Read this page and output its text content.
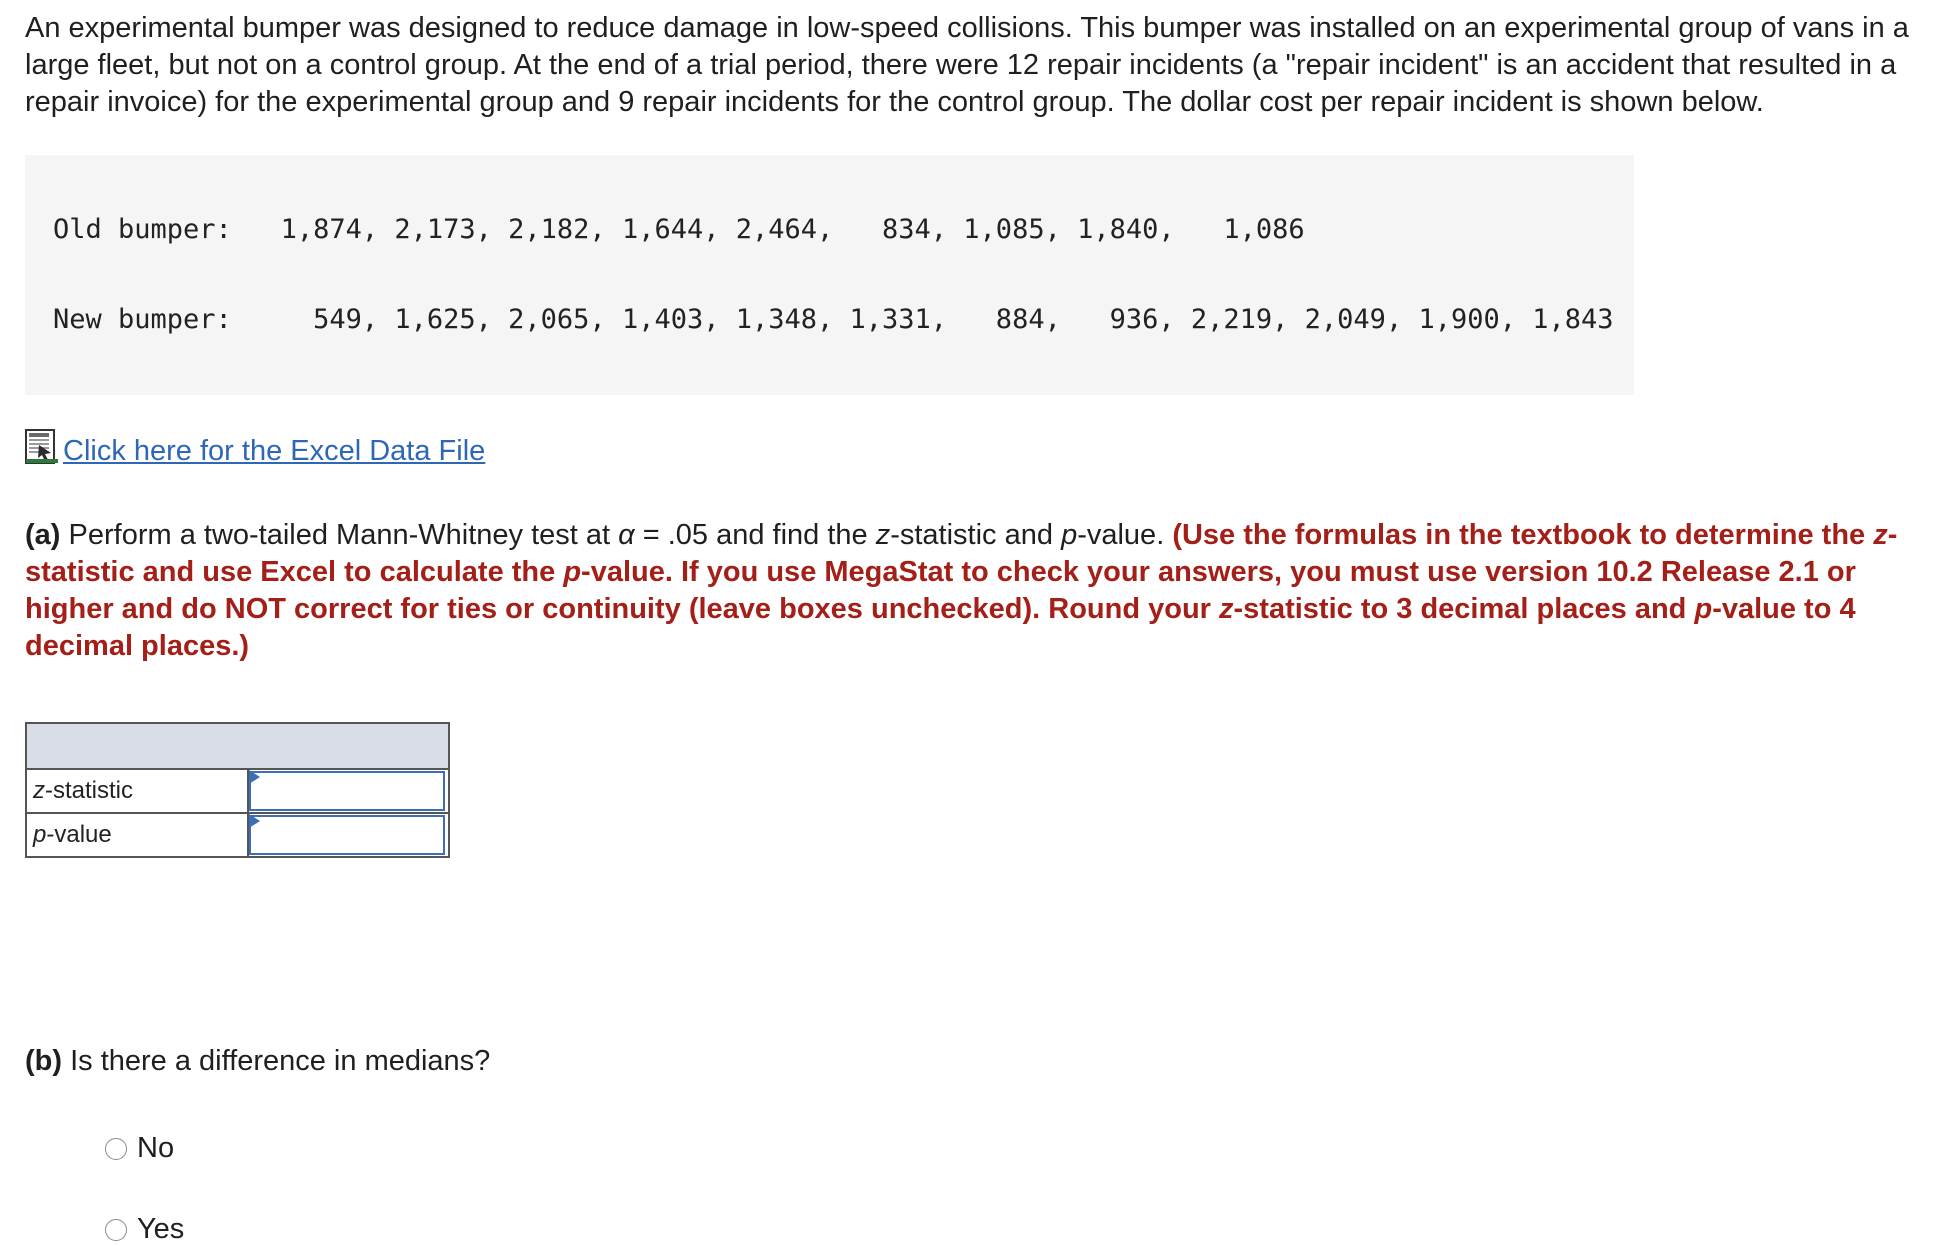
An experimental bumper was designed to reduce damage in low-speed collisions. This bumper was installed on an experimental group of vans in a large fleet, but not on a control group. At the end of a trial period, there were 12 repair incidents (a "repair incident" is an accident that resulted in a repair invoice) for the experimental group and 9 repair incidents for the control group. The dollar cost per repair incident is shown below.

Old bumper:   1,874, 2,173, 2,182, 1,644, 2,464,   834, 1,085, 1,840,   1,086

New bumper:     549, 1,625, 2,065, 1,403, 1,348, 1,331,   884,   936, 2,219, 2,049, 1,900, 1,843

Click here for the Excel Data File
(a) Perform a two-tailed Mann-Whitney test at α = .05 and find the z-statistic and p-value. (Use the formulas in the textbook to determine the z-statistic and use Excel to calculate the p-value. If you use MegaStat to check your answers, you must use version 10.2 Release 2.1 or higher and do NOT correct for ties or continuity (leave boxes unchecked). Round your z-statistic to 3 decimal places and p-value to 4 decimal places.)

z-statistic	

p-value	
(b) Is there a difference in medians?
No
Yes
